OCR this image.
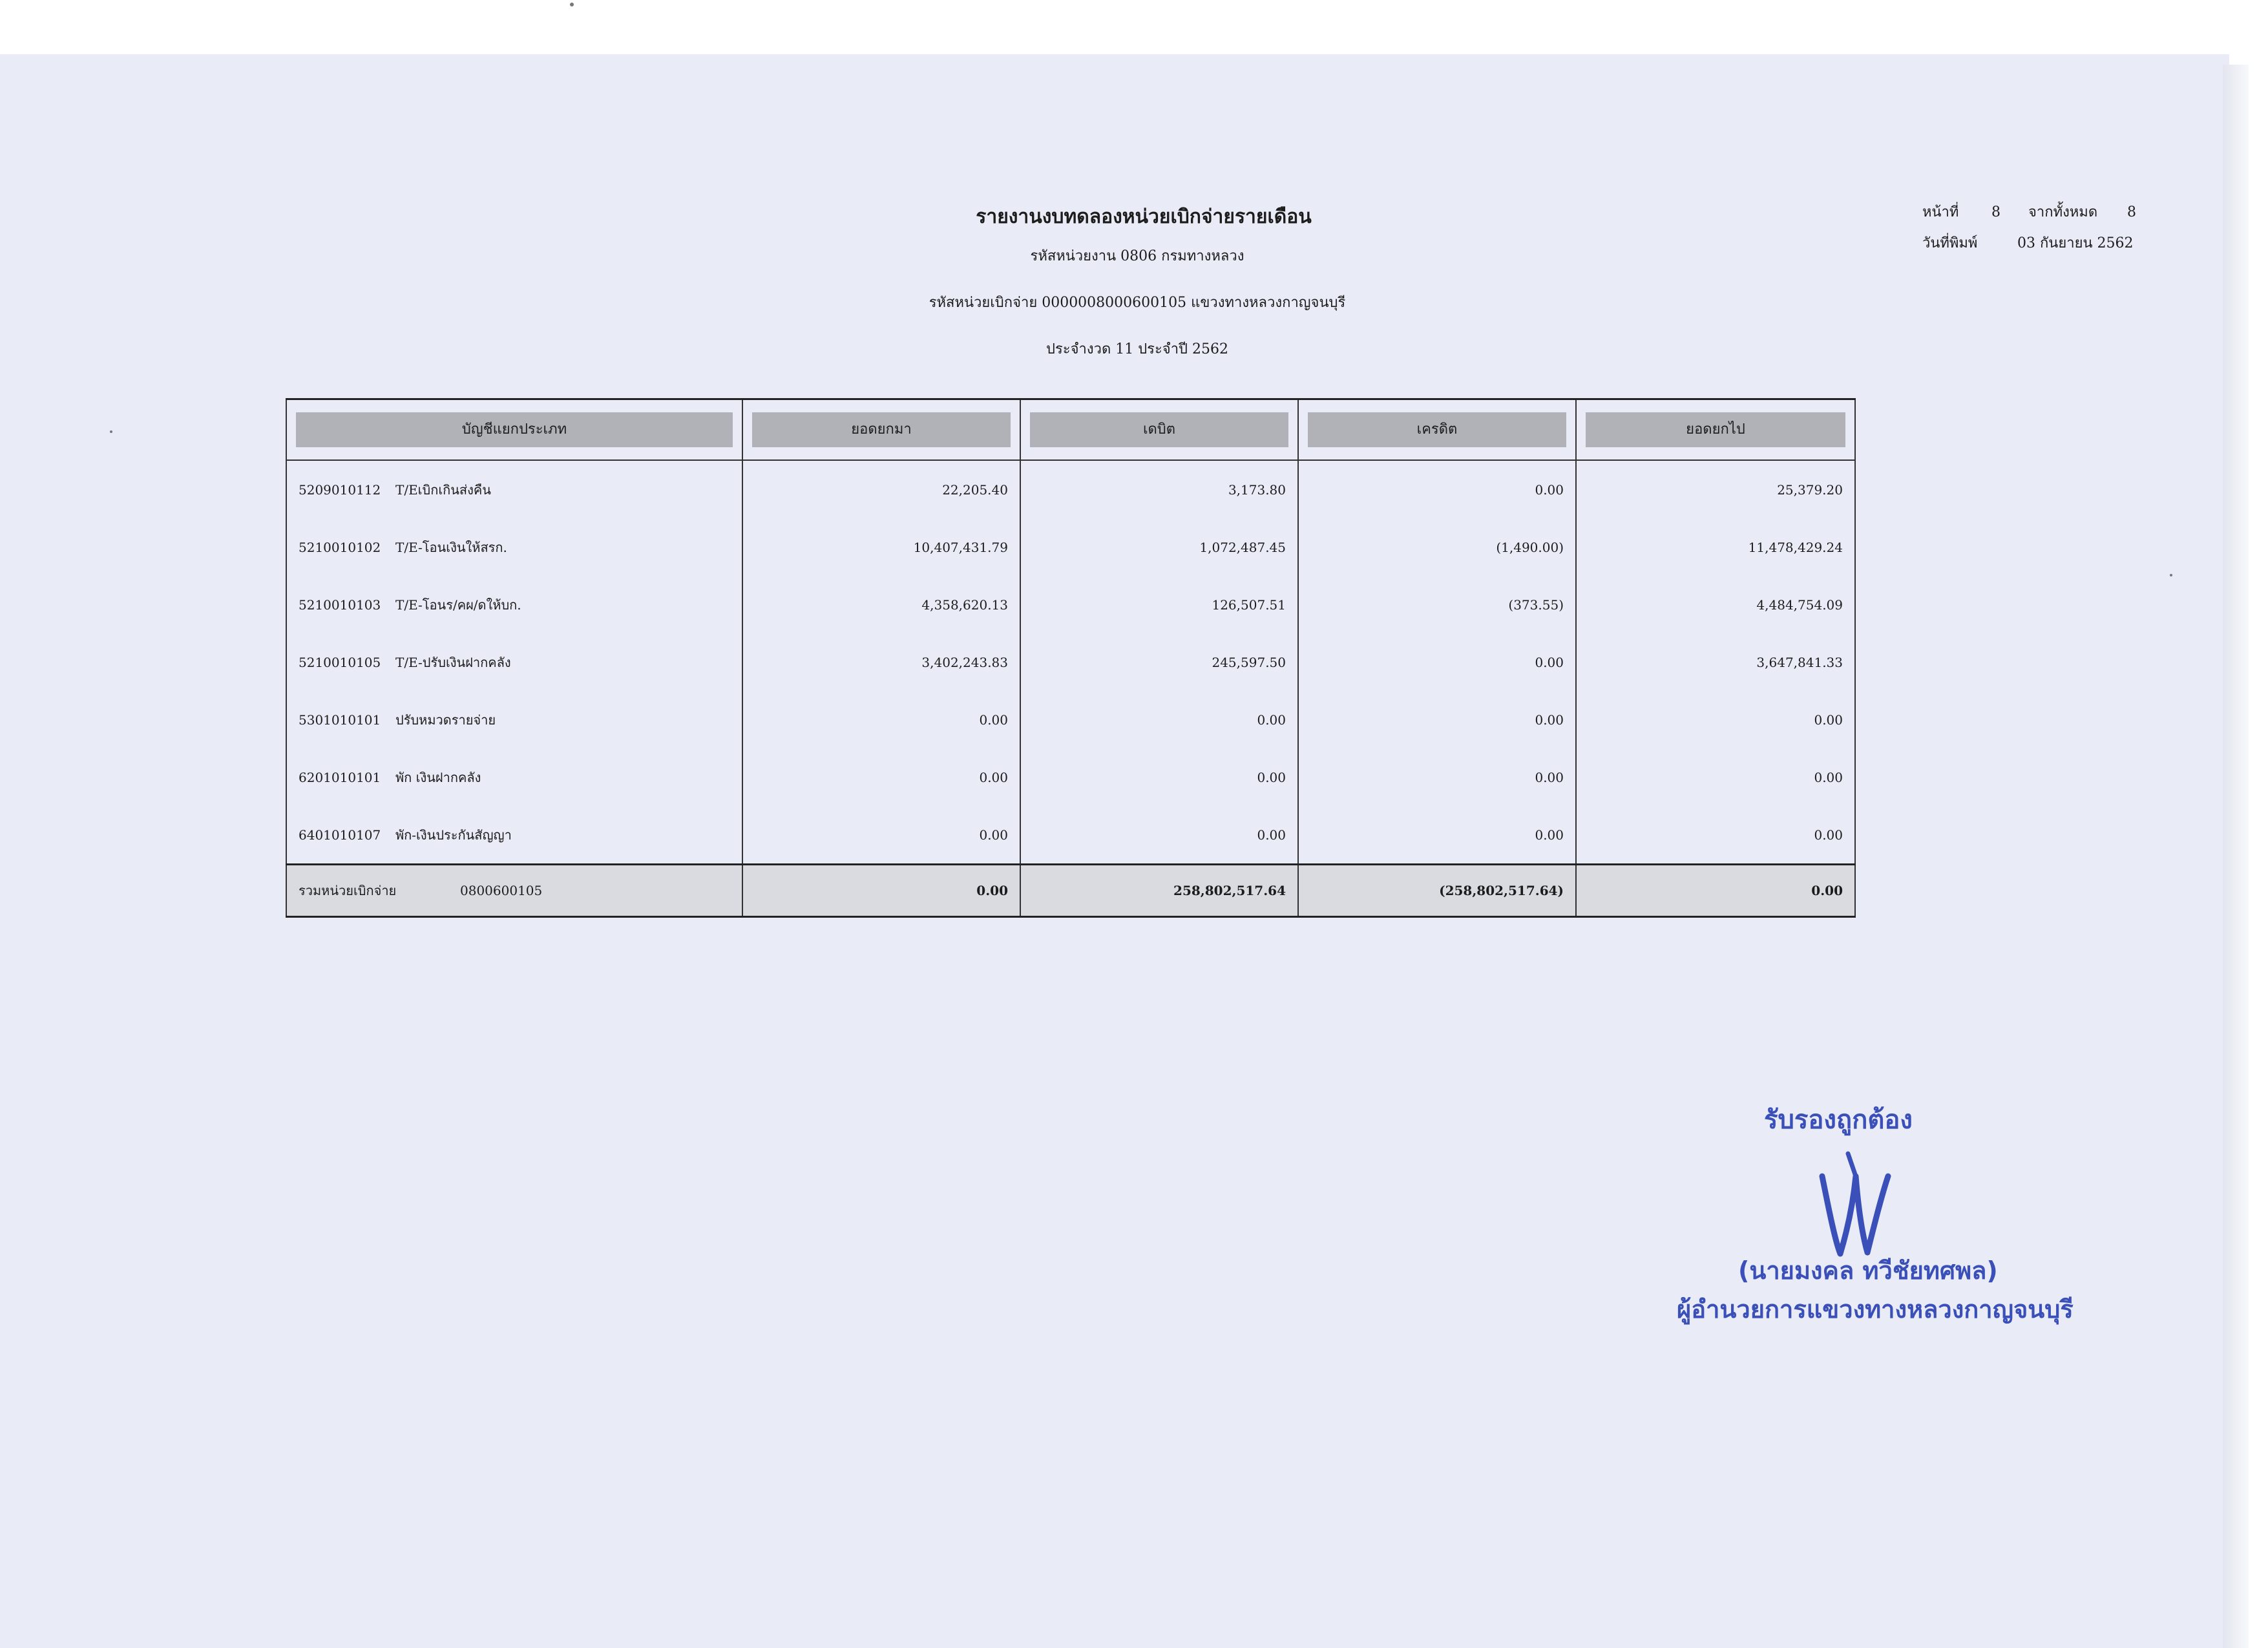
รายงานงบทดลองหน่วยเบิกจ่ายรายเดือน
รหัสหน่วยงาน 0806 กรมทางหลวง
รหัสหน่วยเบิกจ่าย 0000008000600105 แขวงทางหลวงกาญจนบุรี
ประจำงวด 11 ประจำปี 2562
หน้าที่ 8 จากทั้งหมด 8
วันที่พิมพ์	03 กันยายน 2562
บัญชีแยกประเภท	ยอดยกมา	เดบิต	เครดิต	ยอดยกไป

5209010112 T/Eเบิกเกินส่งคืน	22,205.40	3,173.80	0.00	25,379.20
5210010102 T/E-โอนเงินให้สรก.	10,407,431.79	1,072,487.45	(1,490.00)	11,478,429.24
5210010103 T/E-โอนร/คผ/ดให้บก.	4,358,620.13	126,507.51	(373.55)	4,484,754.09
5210010105 T/E-ปรับเงินฝากคลัง	3,402,243.83	245,597.50	0.00	3,647,841.33
5301010101 ปรับหมวดรายจ่าย	0.00	0.00	0.00	0.00
6201010101 พัก เงินฝากคลัง	0.00	0.00	0.00	0.00
6401010107 พัก-เงินประกันสัญญา	0.00	0.00	0.00	0.00
รวมหน่วยเบิกจ่าย 0800600105	0.00	258,802,517.64	(258,802,517.64)	0.00
รับรองถูกต้อง
(นายมงคล ทวีชัยทศพล)
ผู้อำนวยการแขวงทางหลวงกาญจนบุรี
